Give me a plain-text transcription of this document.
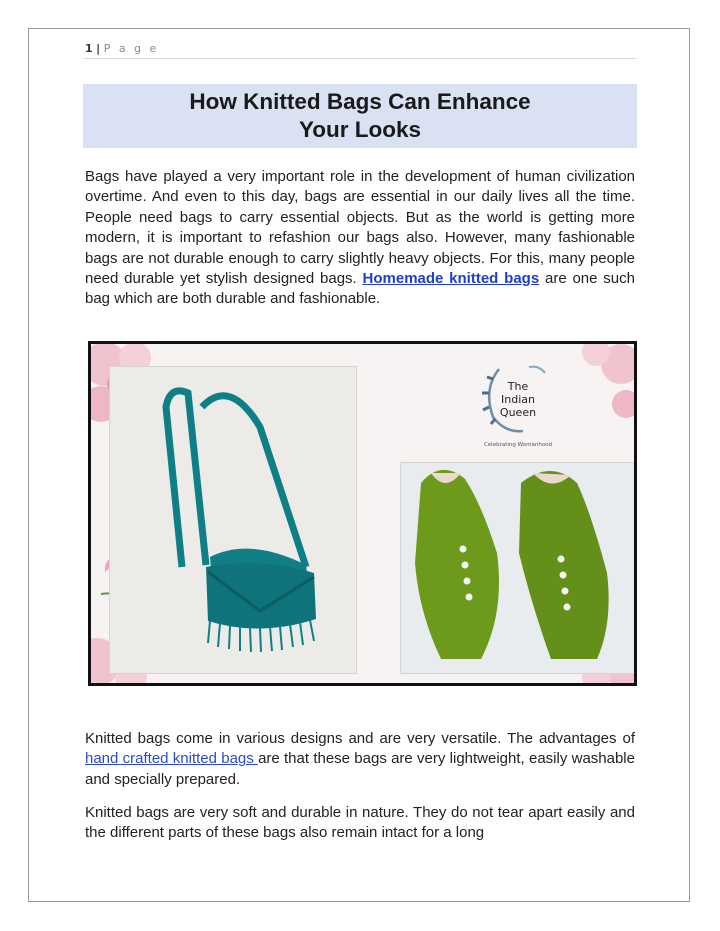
1 | P a g e
How Knitted Bags Can Enhance
Your Looks

Bags have played a very important role in the development of human civilization overtime. And even to this day, bags are essential in our daily lives all the time. People need bags to carry essential objects. But as the world is getting more modern, it is important to refashion our bags also. However, many fashionable bags are not durable enough to carry slightly heavy objects. For this, many people need durable yet stylish designed bags. Homemade knitted bags are one such bag which are both durable and fashionable.

The
Indian
Queen
Celebrating Womanhood

Knitted bags come in various designs and are very versatile. The advantages of hand crafted knitted bags are that these bags are very lightweight, easily washable and specially prepared.

Knitted bags are very soft and durable in nature. They do not tear apart easily and the different parts of these bags also remain intact for a long
